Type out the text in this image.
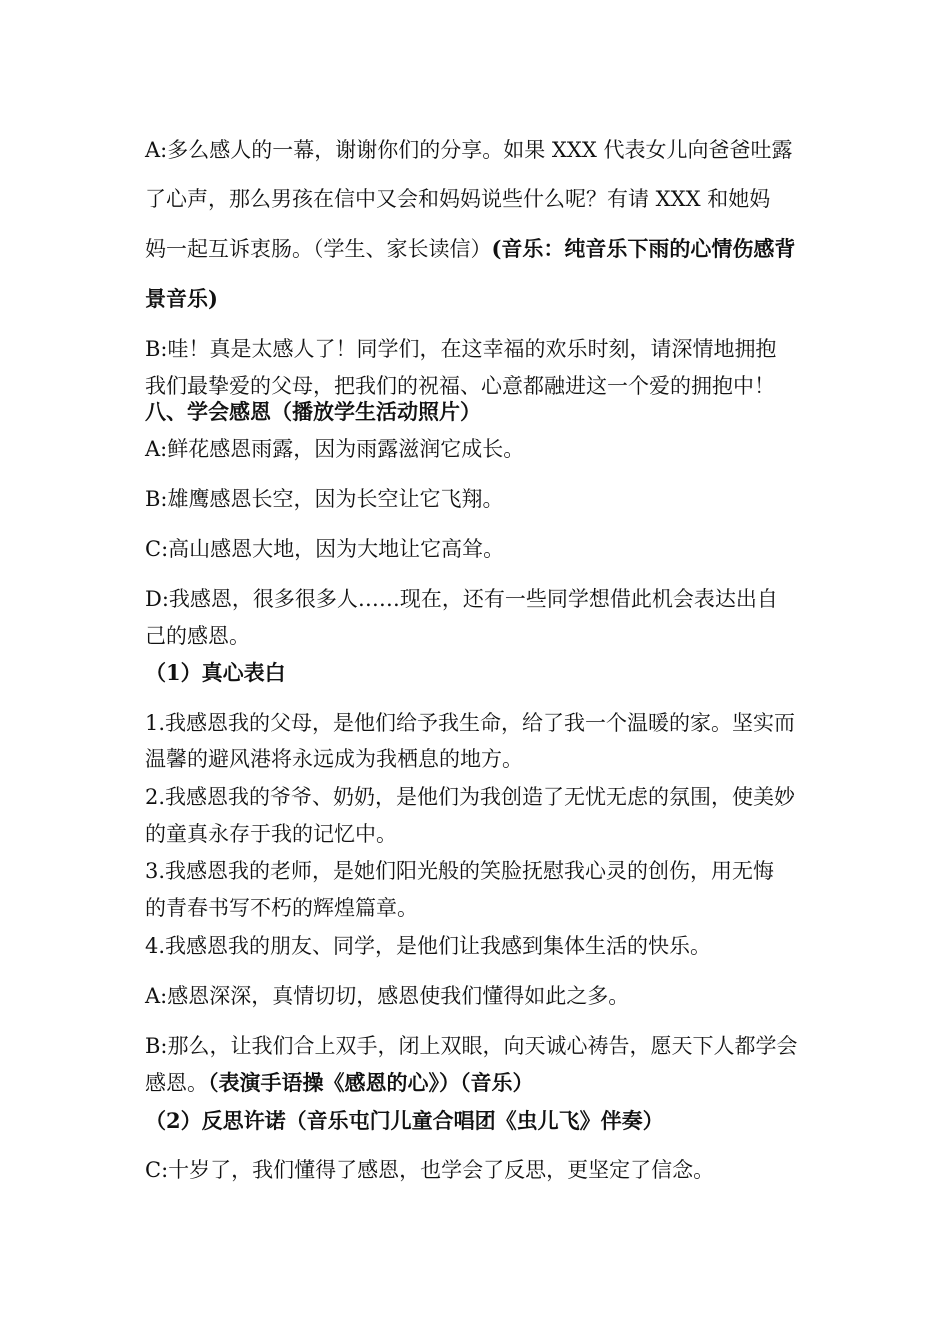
A:多么感人的一幕，谢谢你们的分享。如果 XXX 代表女儿向爸爸吐露

了心声，那么男孩在信中又会和妈妈说些什么呢？有请 XXX 和她妈

妈一起互诉衷肠。（学生、家长读信）(音乐：纯音乐下雨的心情伤感背

景音乐)

B:哇！真是太感人了！同学们，在这幸福的欢乐时刻，请深情地拥抱

我们最挚爱的父母，把我们的祝福、心意都融进这一个爱的拥抱中！

八、学会感恩（播放学生活动照片）

A:鲜花感恩雨露，因为雨露滋润它成长。

B:雄鹰感恩长空，因为长空让它飞翔。

C:高山感恩大地，因为大地让它高耸。

D:我感恩，很多很多人……现在，还有一些同学想借此机会表达出自

己的感恩。

（1）真心表白

1.我感恩我的父母，是他们给予我生命，给了我一个温暖的家。坚实而

温馨的避风港将永远成为我栖息的地方。

2.我感恩我的爷爷、奶奶，是他们为我创造了无忧无虑的氛围，使美妙

的童真永存于我的记忆中。

3.我感恩我的老师，是她们阳光般的笑脸抚慰我心灵的创伤，用无悔

的青春书写不朽的辉煌篇章。

4.我感恩我的朋友、同学，是他们让我感到集体生活的快乐。

A:感恩深深，真情切切，感恩使我们懂得如此之多。

B:那么，让我们合上双手，闭上双眼，向天诚心祷告，愿天下人都学会

感恩。（表演手语操《感恩的心》）（音乐）

（2）反思许诺（音乐屯门儿童合唱团《虫儿飞》伴奏）

C:十岁了，我们懂得了感恩，也学会了反思，更坚定了信念。
